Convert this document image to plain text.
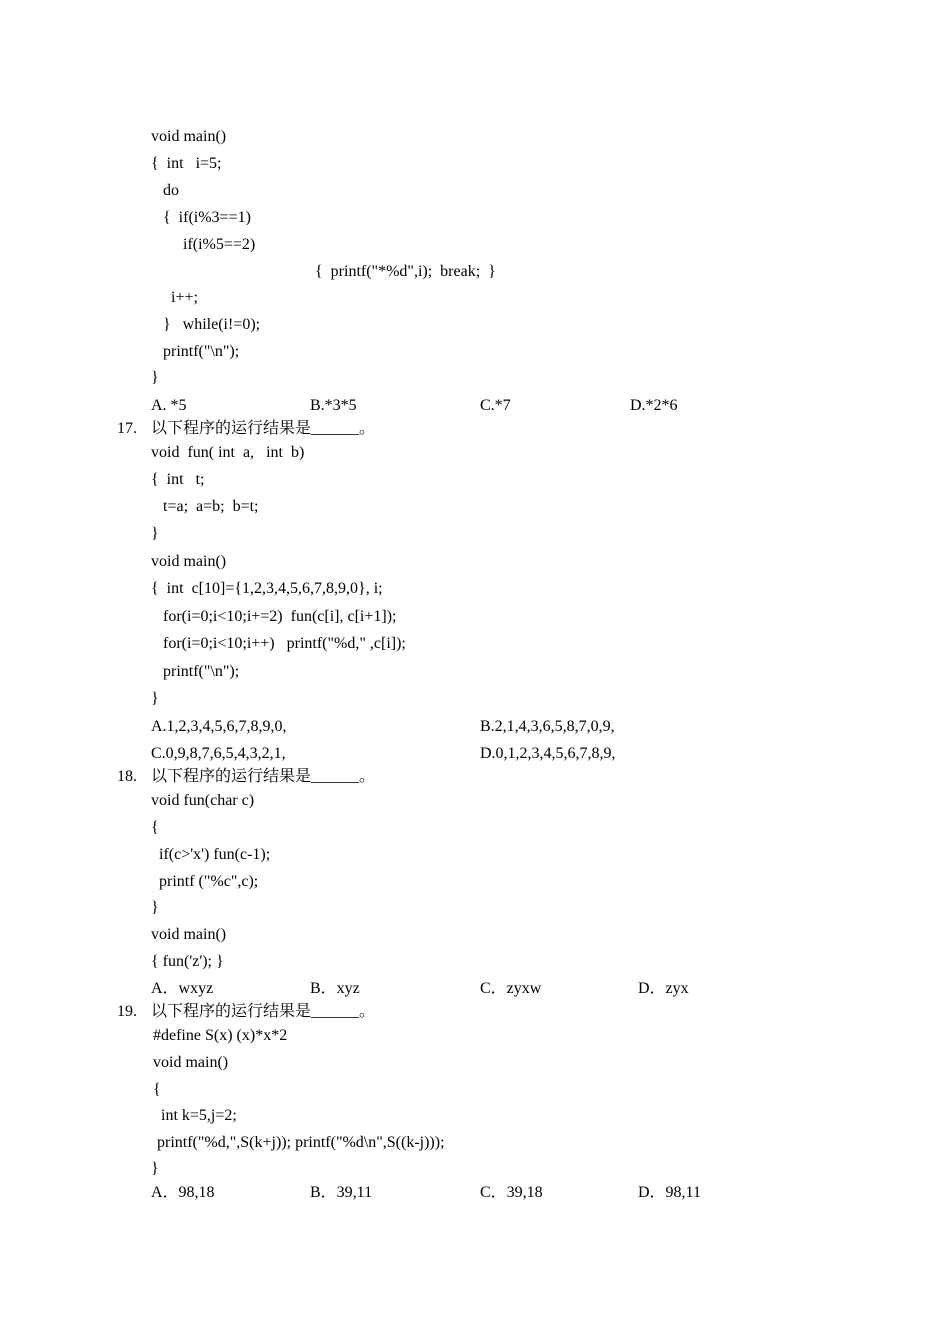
void main()
{  int   i=5;
do
{  if(i%3==1)
if(i%5==2)
{  printf("*%d",i);  break;  }
i++;
}   while(i!=0);
printf("\n");
}
A. *5	B.*3*5	C.*7	D.*2*6
17. 以下程序的运行结果是______。
void  fun( int  a,   int  b)
{  int   t;
t=a;  a=b;  b=t;
}
void main()
{  int  c[10]={1,2,3,4,5,6,7,8,9,0}, i;
for(i=0;i<10;i+=2)  fun(c[i], c[i+1]);
for(i=0;i<10;i++)   printf("%d," ,c[i]);
printf("\n");
}
A.1,2,3,4,5,6,7,8,9,0,	B.2,1,4,3,6,5,8,7,0,9,
C.0,9,8,7,6,5,4,3,2,1,	D.0,1,2,3,4,5,6,7,8,9,
18. 以下程序的运行结果是______。
void fun(char c)
{
if(c>'x') fun(c-1);
printf ("%c",c);
}
void main()
{ fun('z'); }
A．wxyz	B．xyz	C．zyxw	D．zyx
19. 以下程序的运行结果是______。
#define S(x) (x)*x*2
void main()
{
int k=5,j=2;
printf("%d,",S(k+j)); printf("%d\n",S((k-j)));
}
A．98,18	B．39,11	C．39,18	D．98,11
